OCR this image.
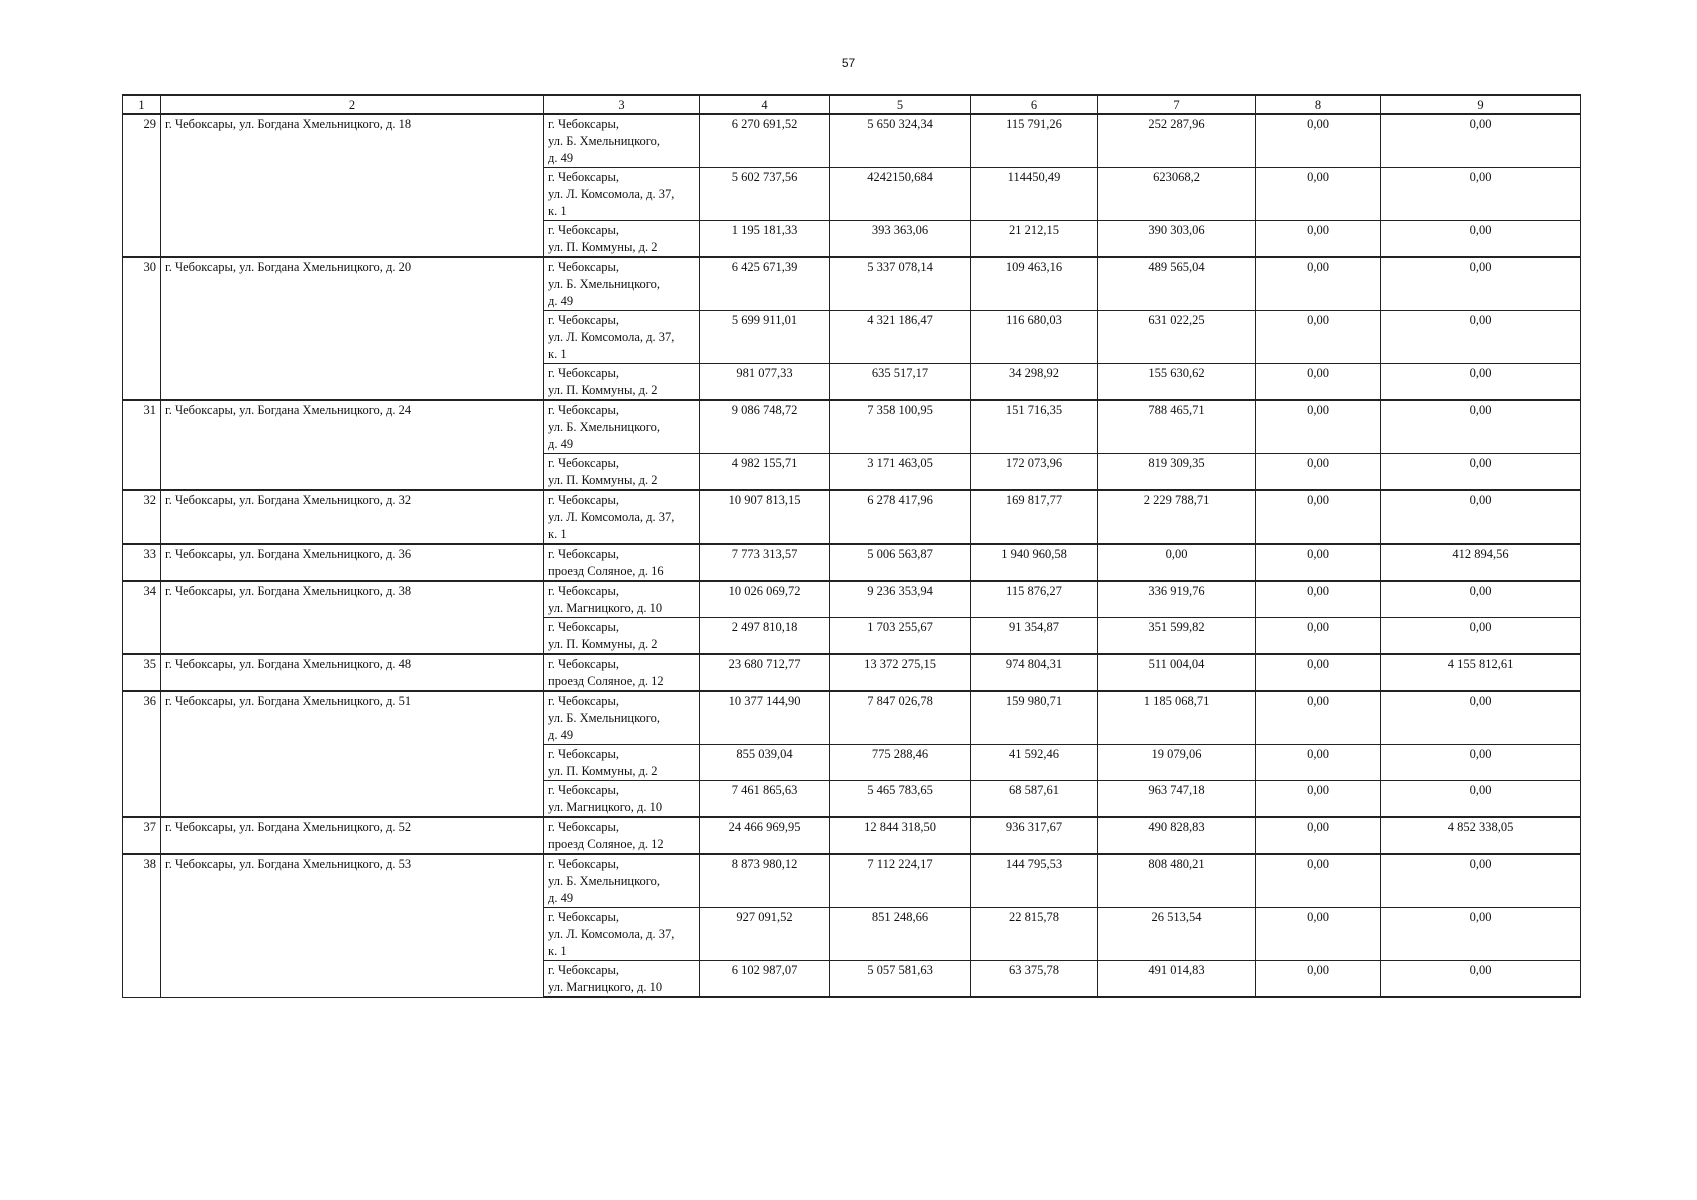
57
1	2	3	4	5	6	7	8	9
29	г. Чебоксары, ул. Богдана Хмельницкого, д. 18	г. Чебоксары,
ул. Б. Хмельницкого,
д. 49	6 270 691,52	5 650 324,34	115 791,26	252 287,96	0,00	0,00

		г. Чебоксары,
ул. Л. Комсомола, д. 37,
к. 1	5 602 737,56	4242150,684	114450,49	623068,2	0,00	0,00

		г. Чебоксары,
ул. П. Коммуны, д. 2	1 195 181,33	393 363,06	21 212,15	390 303,06	0,00	0,00
30	г. Чебоксары, ул. Богдана Хмельницкого, д. 20	г. Чебоксары,
ул. Б. Хмельницкого,
д. 49	6 425 671,39	5 337 078,14	109 463,16	489 565,04	0,00	0,00

		г. Чебоксары,
ул. Л. Комсомола, д. 37,
к. 1	5 699 911,01	4 321 186,47	116 680,03	631 022,25	0,00	0,00

		г. Чебоксары,
ул. П. Коммуны, д. 2	981 077,33	635 517,17	34 298,92	155 630,62	0,00	0,00
31	г. Чебоксары, ул. Богдана Хмельницкого, д. 24	г. Чебоксары,
ул. Б. Хмельницкого,
д. 49	9 086 748,72	7 358 100,95	151 716,35	788 465,71	0,00	0,00

		г. Чебоксары,
ул. П. Коммуны, д. 2	4 982 155,71	3 171 463,05	172 073,96	819 309,35	0,00	0,00
32	г. Чебоксары, ул. Богдана Хмельницкого, д. 32	г. Чебоксары,
ул. Л. Комсомола, д. 37,
к. 1	10 907 813,15	6 278 417,96	169 817,77	2 229 788,71	0,00	0,00
33	г. Чебоксары, ул. Богдана Хмельницкого, д. 36	г. Чебоксары,
проезд Соляное, д. 16	7 773 313,57	5 006 563,87	1 940 960,58	0,00	0,00	412 894,56
34	г. Чебоксары, ул. Богдана Хмельницкого, д. 38	г. Чебоксары,
ул. Магницкого, д. 10	10 026 069,72	9 236 353,94	115 876,27	336 919,76	0,00	0,00

		г. Чебоксары,
ул. П. Коммуны, д. 2	2 497 810,18	1 703 255,67	91 354,87	351 599,82	0,00	0,00
35	г. Чебоксары, ул. Богдана Хмельницкого, д. 48	г. Чебоксары,
проезд Соляное, д. 12	23 680 712,77	13 372 275,15	974 804,31	511 004,04	0,00	4 155 812,61
36	г. Чебоксары, ул. Богдана Хмельницкого, д. 51	г. Чебоксары,
ул. Б. Хмельницкого,
д. 49	10 377 144,90	7 847 026,78	159 980,71	1 185 068,71	0,00	0,00

		г. Чебоксары,
ул. П. Коммуны, д. 2	855 039,04	775 288,46	41 592,46	19 079,06	0,00	0,00

		г. Чебоксары,
ул. Магницкого, д. 10	7 461 865,63	5 465 783,65	68 587,61	963 747,18	0,00	0,00
37	г. Чебоксары, ул. Богдана Хмельницкого, д. 52	г. Чебоксары,
проезд Соляное, д. 12	24 466 969,95	12 844 318,50	936 317,67	490 828,83	0,00	4 852 338,05
38	г. Чебоксары, ул. Богдана Хмельницкого, д. 53	г. Чебоксары,
ул. Б. Хмельницкого,
д. 49	8 873 980,12	7 112 224,17	144 795,53	808 480,21	0,00	0,00

		г. Чебоксары,
ул. Л. Комсомола, д. 37,
к. 1	927 091,52	851 248,66	22 815,78	26 513,54	0,00	0,00

		г. Чебоксары,
ул. Магницкого, д. 10	6 102 987,07	5 057 581,63	63 375,78	491 014,83	0,00	0,00
